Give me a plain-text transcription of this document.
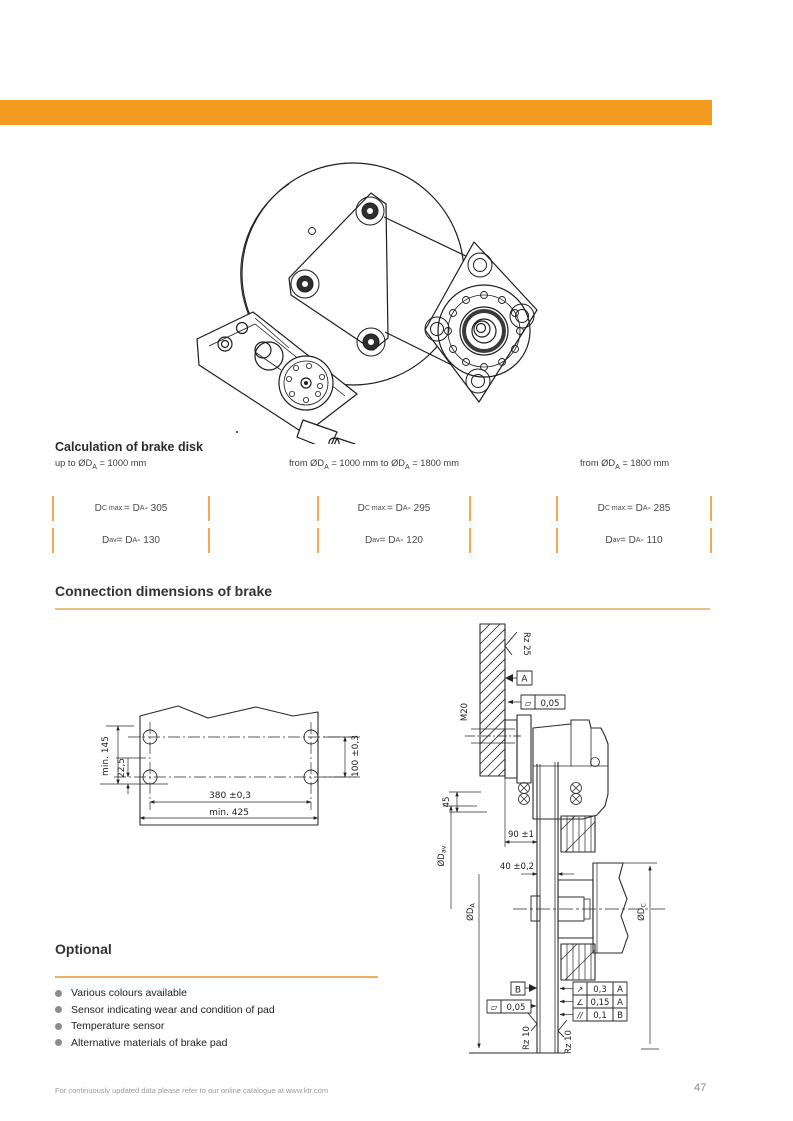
Calculation of brake disk
up to $ØD_A = 1000$ mm	from $ØD_A = 1000$ mm to $ØD_A = 1800$ mm	from $ØD_A = 1800$ mm
D C max. = D A - 305	D C max. = D A - 295	D C max. = D A - 285
D av = D A - 130	D av = D A - 120	D av = D A - 110
Connection dimensions of brake
min. 145 22,5	100 ±0,3
380 ±0,3
min. 425
Rz 25
A
▱ 0,05
M20
45
90 ±1
40 ±0,2
ØDav
ØDA
ØDC
B
▱ 0,05
↗ 0,3 A
∠ 0,15 A
// 0,1 B
Rz 10	Rz 10
Optional
Various colours available
Sensor indicating wear and condition of pad
Temperature sensor
Alternative materials of brake pad
For continuously updated data please refer to our online catalogue at www.ktr.com	47
